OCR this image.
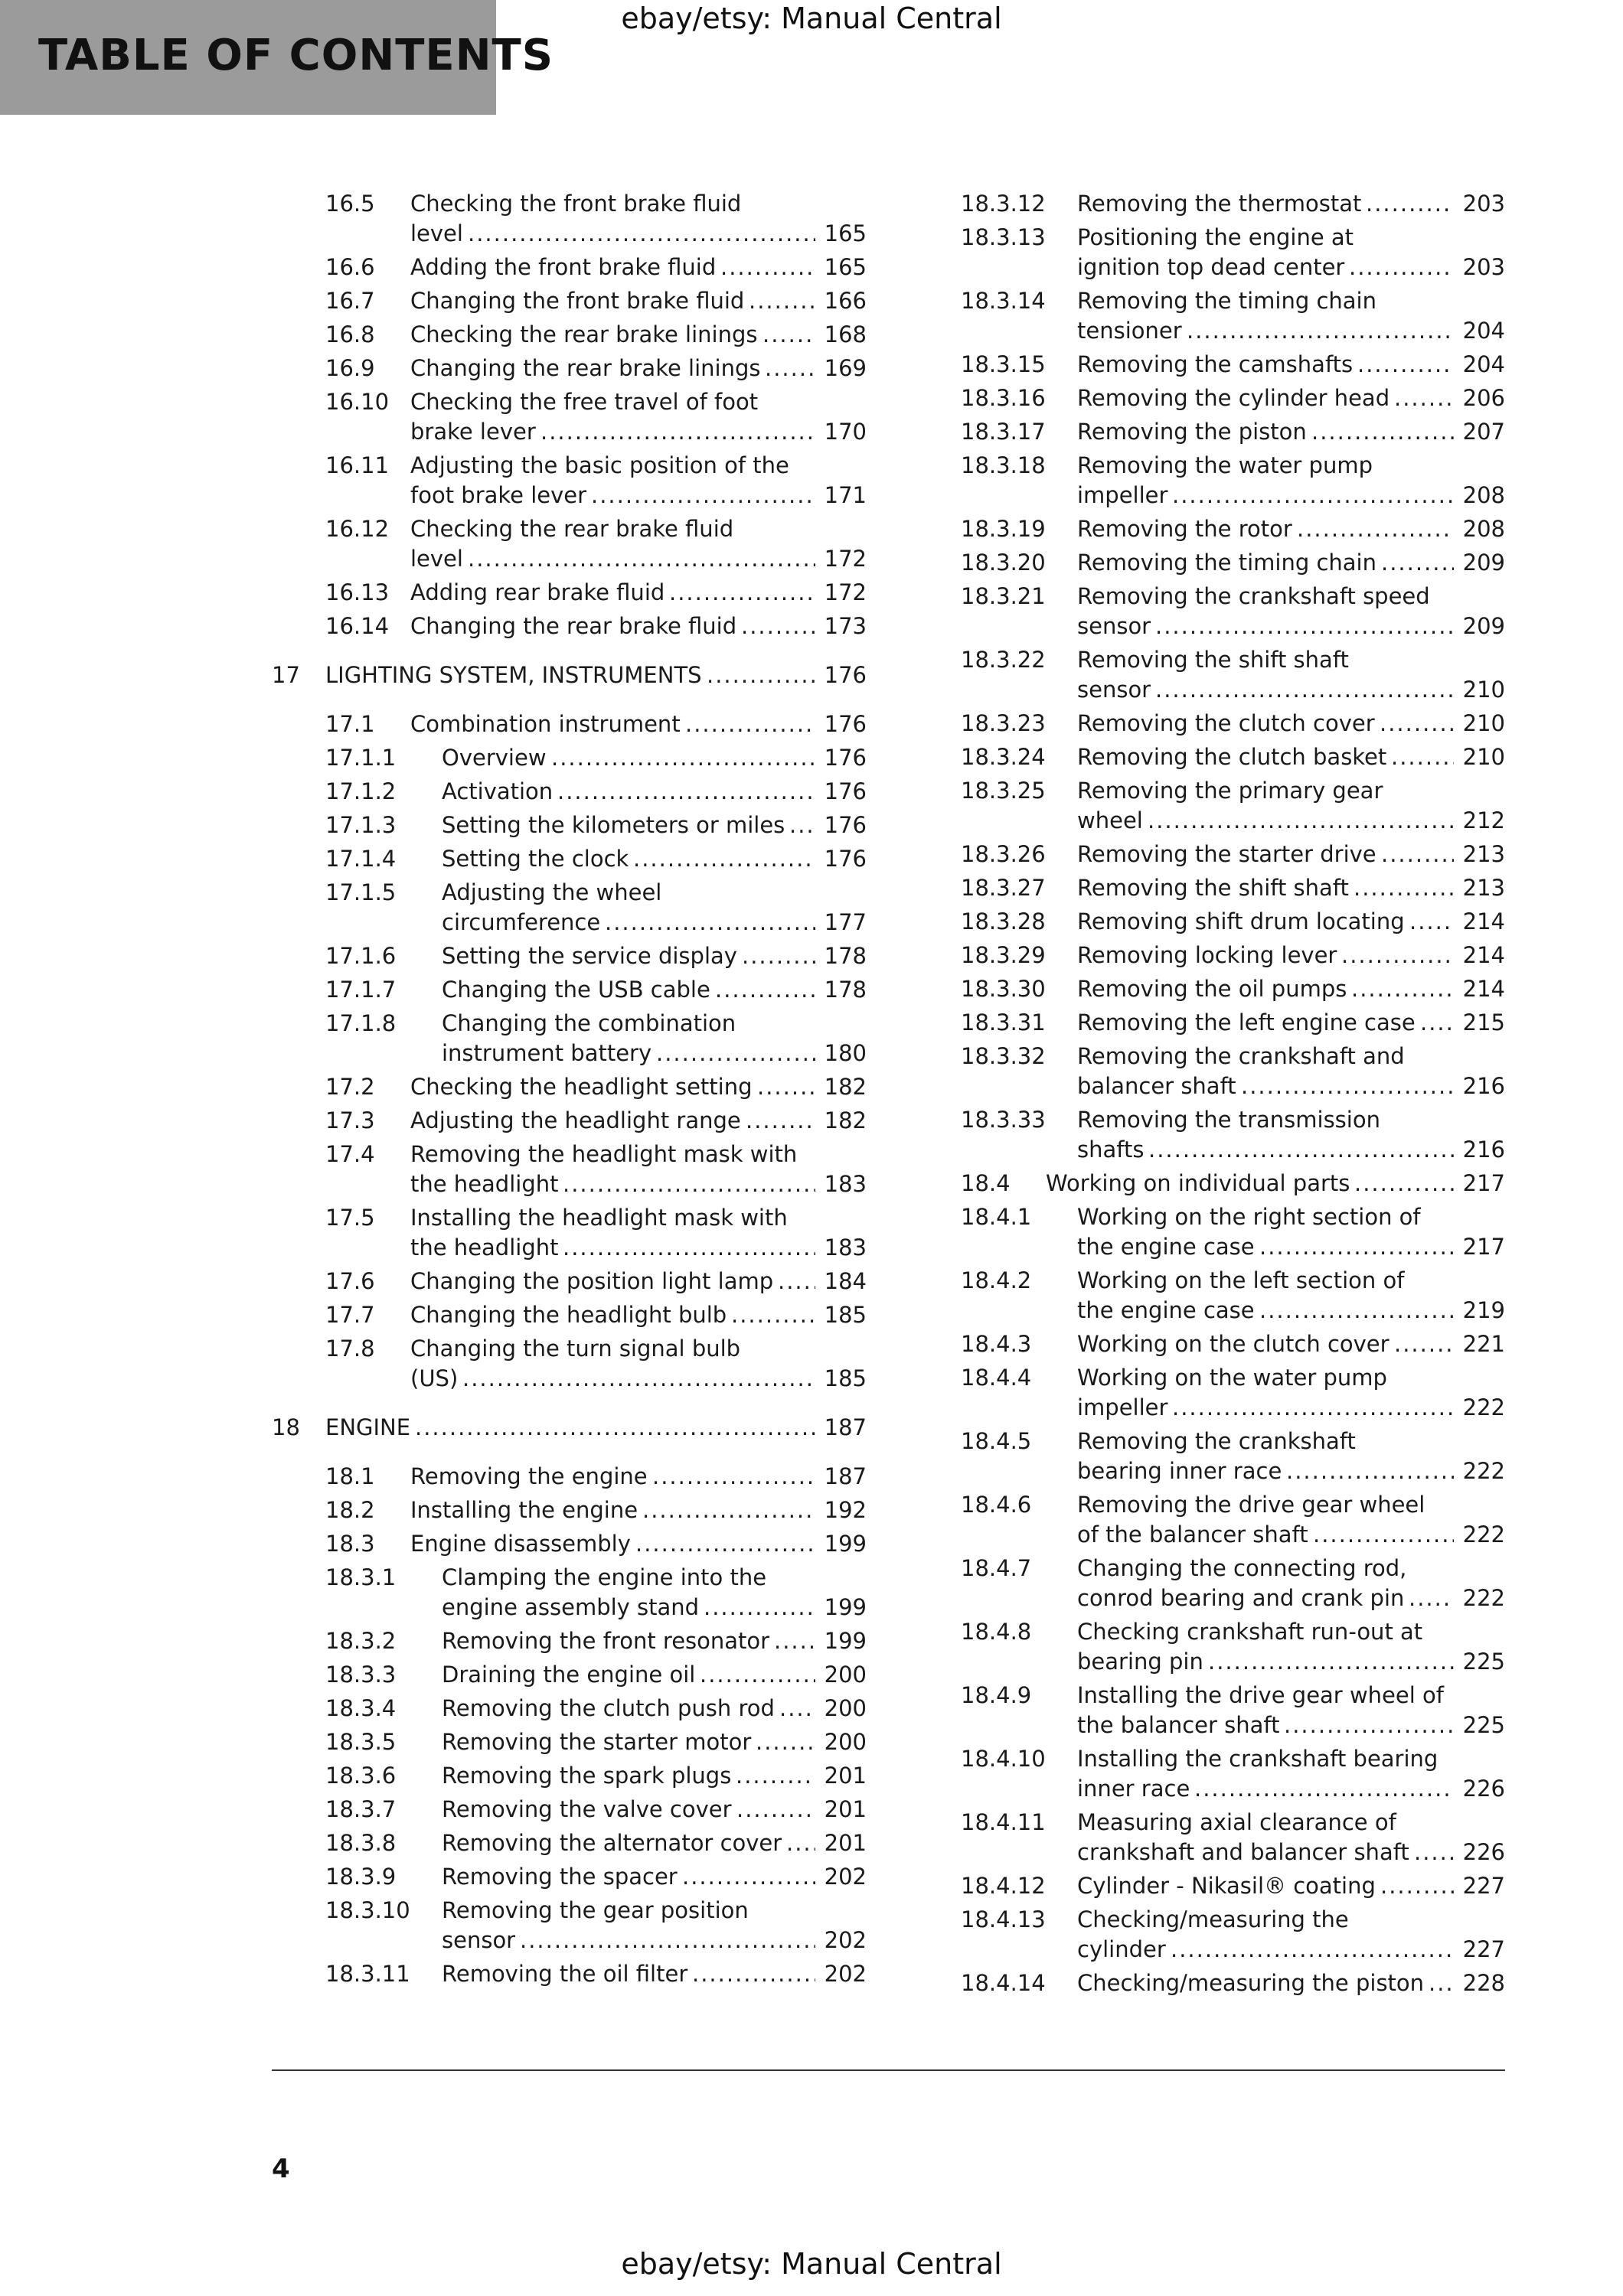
TABLE OF CONTENTS
ebay/etsy: Manual Central
16.5 Checking the front brake fluid
level .....	165
16.6 Adding the front brake fluid .....	165
16.7 Changing the front brake fluid .....	166
16.8 Checking the rear brake linings .....	168
16.9 Changing the rear brake linings .....	169
16.10 Checking the free travel of foot
brake lever .....	170
16.11 Adjusting the basic position of the
foot brake lever .....	171
16.12 Checking the rear brake fluid
level .....	172
16.13 Adding rear brake fluid .....	172
16.14 Changing the rear brake fluid .....	173
17 LIGHTING SYSTEM, INSTRUMENTS .....	176
17.1 Combination instrument .....	176
17.1.1 Overview .....	176
17.1.2 Activation .....	176
17.1.3 Setting the kilometers or miles ..... 176
17.1.4 Setting the clock .....	176
17.1.5 Adjusting the wheel
circumference .....	177
17.1.6 Setting the service display .....	178
17.1.7 Changing the USB cable .....	178
17.1.8 Changing the combination
instrument battery .....	180
17.2 Checking the headlight setting .....	182
17.3 Adjusting the headlight range .....	182
17.4 Removing the headlight mask with
the headlight .....	183
17.5 Installing the headlight mask with
the headlight .....	183
17.6 Changing the position light lamp ..... 184
17.7 Changing the headlight bulb .....	185
17.8 Changing the turn signal bulb
(US) .....	185
18 ENGINE .....	187
18.1 Removing the engine .....	187
18.2 Installing the engine .....	192
18.3 Engine disassembly .....	199
18.3.1 Clamping the engine into the
engine assembly stand .....	199
18.3.2 Removing the front resonator ..... 199
18.3.3 Draining the engine oil .....	200
18.3.4 Removing the clutch push rod ..... 200
18.3.5 Removing the starter motor .....	200
18.3.6 Removing the spark plugs .....	201
18.3.7 Removing the valve cover .....	201
18.3.8 Removing the alternator cover ..... 201
18.3.9 Removing the spacer .....	202
18.3.10 Removing the gear position
sensor .....	202
18.3.11 Removing the oil filter .....	202
18.3.12 Removing the thermostat .....	203
18.3.13 Positioning the engine at
ignition top dead center .....	203
18.3.14 Removing the timing chain
tensioner .....	204
18.3.15 Removing the camshafts .....	204
18.3.16 Removing the cylinder head .....	206
18.3.17 Removing the piston .....	207
18.3.18 Removing the water pump
impeller .....	208
18.3.19 Removing the rotor .....	208
18.3.20 Removing the timing chain .....	209
18.3.21 Removing the crankshaft speed
sensor .....	209
18.3.22 Removing the shift shaft
sensor .....	210
18.3.23 Removing the clutch cover .....	210
18.3.24 Removing the clutch basket .....	210
18.3.25 Removing the primary gear
wheel .....	212
18.3.26 Removing the starter drive .....	213
18.3.27 Removing the shift shaft .....	213
18.3.28 Removing shift drum locating .....	214
18.3.29 Removing locking lever .....	214
18.3.30 Removing the oil pumps .....	214
18.3.31 Removing the left engine case ..... 215
18.3.32 Removing the crankshaft and
balancer shaft .....	216
18.3.33 Removing the transmission
shafts .....	216
18.4 Working on individual parts .....	217
18.4.1 Working on the right section of
the engine case .....	217
18.4.2 Working on the left section of
the engine case .....	219
18.4.3 Working on the clutch cover .....	221
18.4.4 Working on the water pump
impeller .....	222
18.4.5 Removing the crankshaft
bearing inner race .....	222
18.4.6 Removing the drive gear wheel
of the balancer shaft .....	222
18.4.7 Changing the connecting rod,
conrod bearing and crank pin .....	222
18.4.8 Checking crankshaft run-out at
bearing pin .....	225
18.4.9 Installing the drive gear wheel of
the balancer shaft .....	225
18.4.10 Installing the crankshaft bearing
inner race .....	226
18.4.11 Measuring axial clearance of
crankshaft and balancer shaft ..... 226
18.4.12 Cylinder - Nikasil® coating .....	227
18.4.13 Checking/measuring the
cylinder .....	227
18.4.14 Checking/measuring the piston ..... 228
4
ebay/etsy: Manual Central
